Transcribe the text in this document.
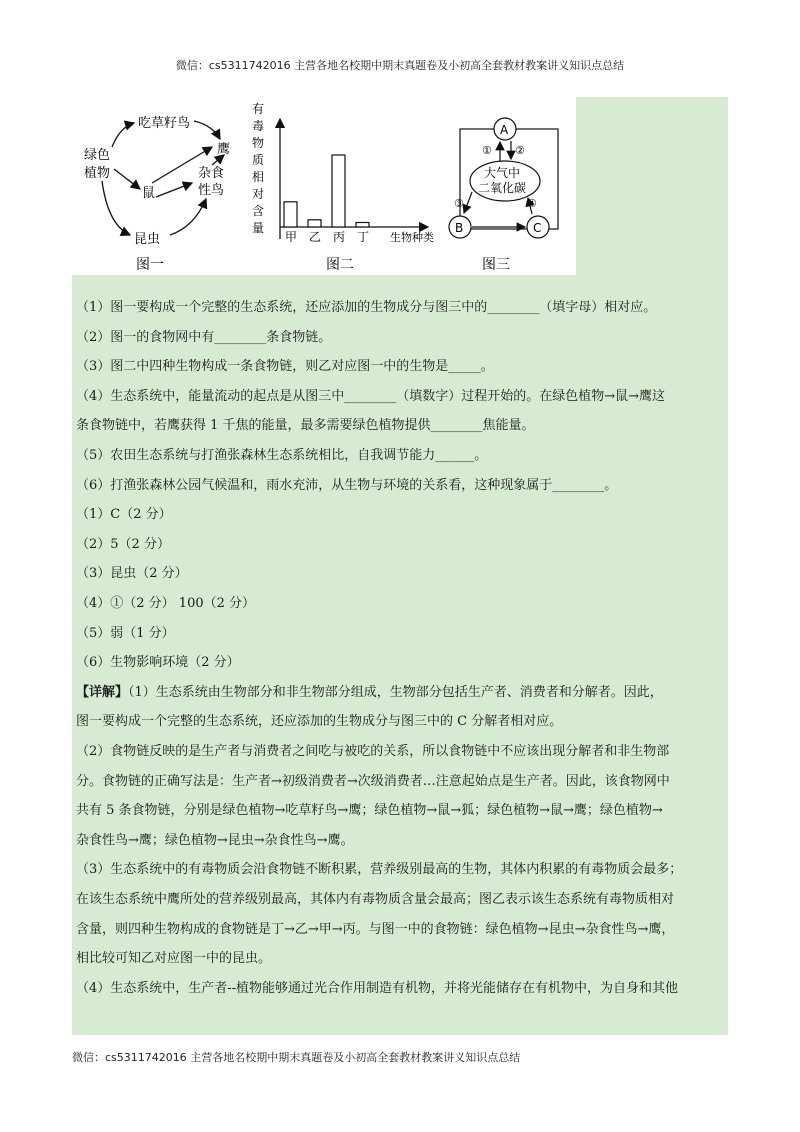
微信：cs5311742016 主营各地名校期中期末真题卷及小初高全套教材教案讲义知识点总结
绿色
植物
吃草籽鸟
鹰
鼠
杂食
性鸟
昆虫
图一
有
毒
物
质
相
对
含
量
甲 乙 丙 丁 生物种类
图二
A
大气中
二氧化碳
B	C
① ②
③	④
图三
（1）图一要构成一个完整的生态系统，还应添加的生物成分与图三中的________（填字母）相对应。
（2）图一的食物网中有________条食物链。
（3）图二中四种生物构成一条食物链，则乙对应图一中的生物是_____。
（4）生态系统中，能量流动的起点是从图三中________（填数字）过程开始的。在绿色植物→鼠→鹰这
条食物链中，若鹰获得 1 千焦的能量，最多需要绿色植物提供________焦能量。
（5）农田生态系统与打渔张森林生态系统相比，自我调节能力______。
（6）打渔张森林公园气候温和，雨水充沛，从生物与环境的关系看，这种现象属于________。
（1）C（2 分）
（2）5（2 分）
（3）昆虫（2 分）
（4）①（2 分） 100（2 分）
（5）弱（1 分）
（6）生物影响环境（2 分）
【详解】（1）生态系统由生物部分和非生物部分组成，生物部分包括生产者、消费者和分解者。因此，
图一要构成一个完整的生态系统，还应添加的生物成分与图三中的 C 分解者相对应。
（2）食物链反映的是生产者与消费者之间吃与被吃的关系，所以食物链中不应该出现分解者和非生物部
分。食物链的正确写法是：生产者→初级消费者→次级消费者…注意起始点是生产者。因此，该食物网中
共有 5 条食物链，分别是绿色植物→吃草籽鸟→鹰；绿色植物→鼠→狐；绿色植物→鼠→鹰；绿色植物→
杂食性鸟→鹰；绿色植物→昆虫→杂食性鸟→鹰。
（3）生态系统中的有毒物质会沿食物链不断积累，营养级别最高的生物，其体内积累的有毒物质会最多；
在该生态系统中鹰所处的营养级别最高，其体内有毒物质含量会最高；图乙表示该生态系统有毒物质相对
含量，则四种生物构成的食物链是丁→乙→甲→丙。与图一中的食物链：绿色植物→昆虫→杂食性鸟→鹰，
相比较可知乙对应图一中的昆虫。
（4）生态系统中，生产者--植物能够通过光合作用制造有机物，并将光能储存在有机物中，为自身和其他
微信：cs5311742016 主营各地名校期中期末真题卷及小初高全套教材教案讲义知识点总结
